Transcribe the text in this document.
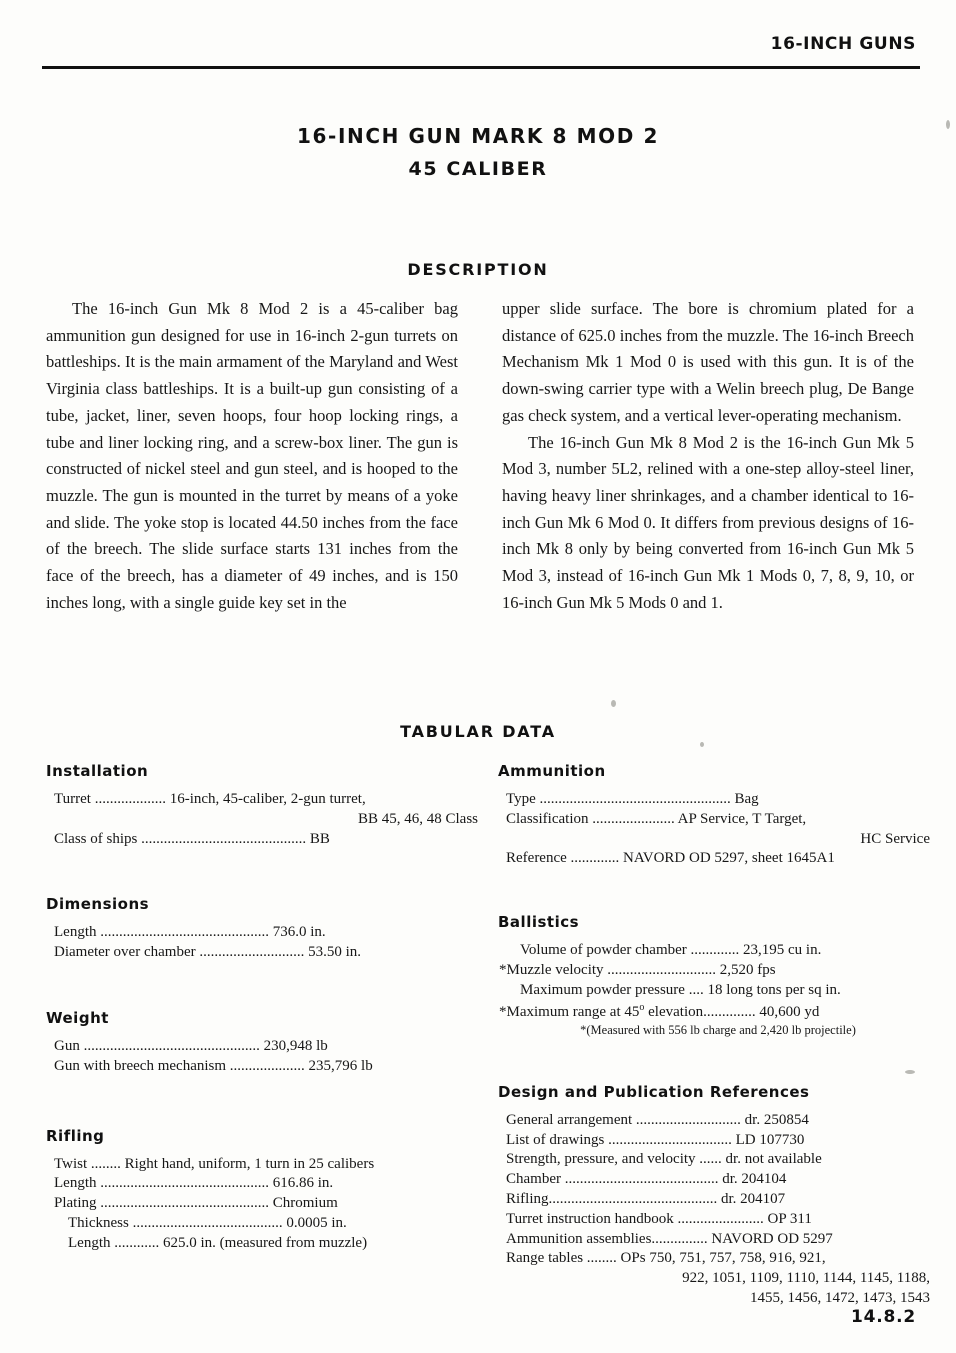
16-INCH GUNS
16-INCH GUN MARK 8 MOD 2
45 CALIBER
DESCRIPTION

The 16-inch Gun Mk 8 Mod 2 is a 45-caliber bag ammunition gun designed for use in 16-inch 2-gun turrets on battleships. It is the main armament of the Maryland and West Virginia class battleships. It is a built-up gun consisting of a tube, jacket, liner, seven hoops, four hoop locking rings, a tube and liner locking ring, and a screw-box liner. The gun is constructed of nickel steel and gun steel, and is hooped to the muzzle. The gun is mounted in the turret by means of a yoke and slide. The yoke stop is located 44.50 inches from the face of the breech. The slide surface starts 131 inches from the face of the breech, has a diameter of 49 inches, and is 150 inches long, with a single guide key set in the

upper slide surface. The bore is chromium plated for a distance of 625.0 inches from the muzzle. The 16-inch Breech Mechanism Mk 1 Mod 0 is used with this gun. It is of the down-swing carrier type with a Welin breech plug, De Bange gas check system, and a vertical lever-operating mechanism.

The 16-inch Gun Mk 8 Mod 2 is the 16-inch Gun Mk 5 Mod 3, number 5L2, relined with a one-step alloy-steel liner, having heavy liner shrinkages, and a chamber identical to 16-inch Gun Mk 6 Mod 0. It differs from previous designs of 16-inch Mk 8 only by being converted from 16-inch Gun Mk 5 Mod 3, instead of 16-inch Gun Mk 1 Mods 0, 7, 8, 9, 10, or 16-inch Gun Mk 5 Mods 0 and 1.

TABULAR DATA
Installation
Turret ................... 16-inch, 45-caliber, 2-gun turret,
BB 45, 46, 48 Class
Class of ships ............................................ BB
Dimensions
Length ............................................. 736.0 in.
Diameter over chamber ............................ 53.50 in.
Weight
Gun ............................................... 230,948 lb
Gun with breech mechanism .................... 235,796 lb
Rifling
Twist ........ Right hand, uniform, 1 turn in 25 calibers
Length ............................................. 616.86 in.
Plating ............................................. Chromium
Thickness ........................................ 0.0005 in.
Length ............ 625.0 in. (measured from muzzle)
Ammunition
Type ................................................... Bag
Classification ...................... AP Service, T Target,
HC Service
Reference ............. NAVORD OD 5297, sheet 1645A1
Ballistics
Volume of powder chamber ............. 23,195 cu in.
*Muzzle velocity ............................. 2,520 fps
Maximum powder pressure .... 18 long tons per sq in.
*Maximum range at 45$^o$ elevation.............. 40,600 yd
*(Measured with 556 lb charge and 2,420 lb projectile)
Design and Publication References
General arrangement ............................ dr. 250854
List of drawings ................................. LD 107730
Strength, pressure, and velocity ...... dr. not available
Chamber ......................................... dr. 204104
Rifling............................................. dr. 204107
Turret instruction handbook ....................... OP 311
Ammunition assemblies............... NAVORD OD 5297
Range tables ........ OPs 750, 751, 757, 758, 916, 921,
922, 1051, 1109, 1110, 1144, 1145, 1188,
1455, 1456, 1472, 1473, 1543
14.8.2
